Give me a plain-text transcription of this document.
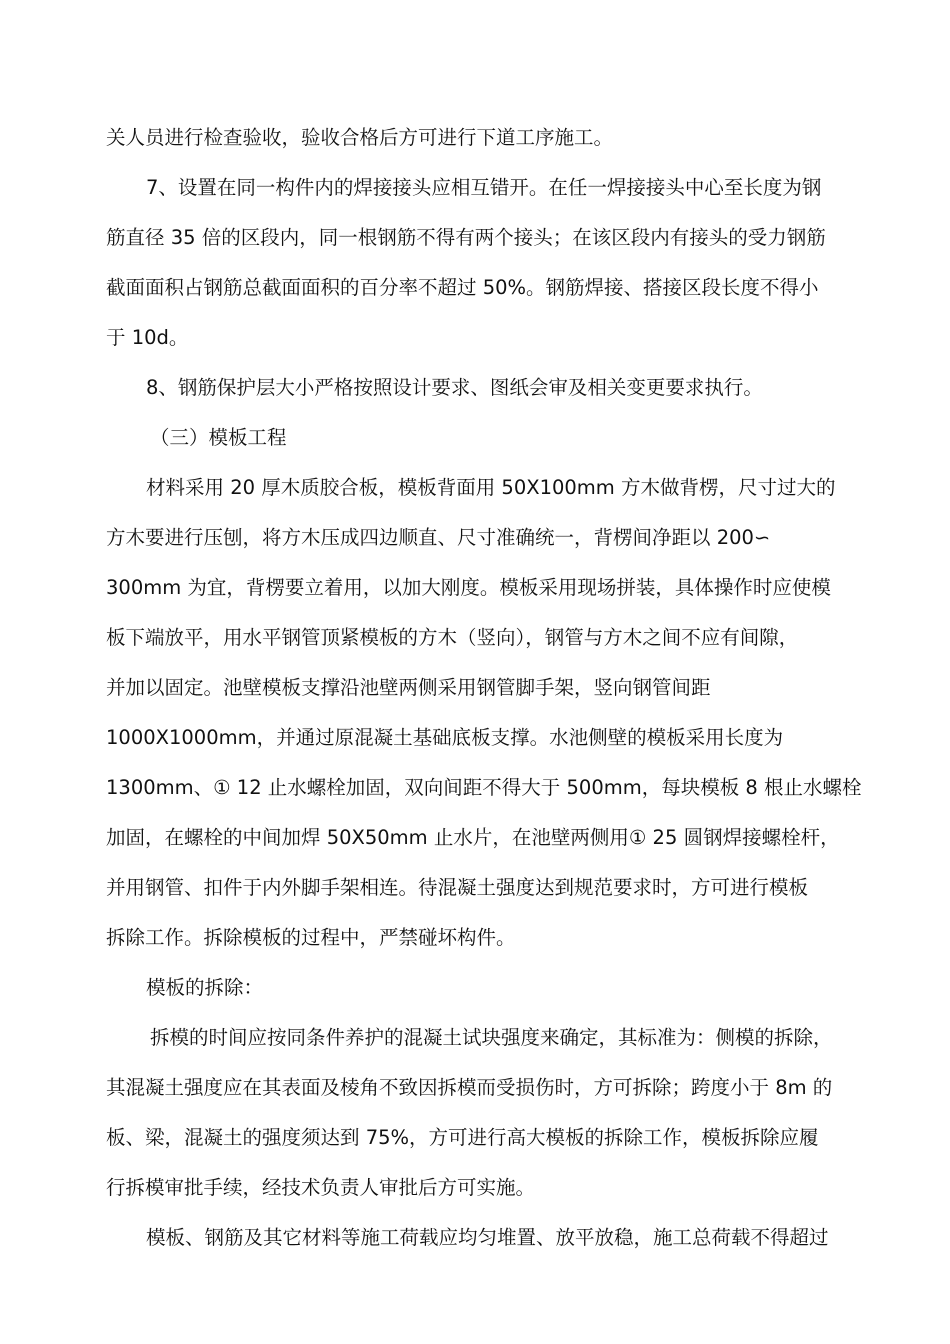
关人员进行检查验收，验收合格后方可进行下道工序施工。
7、设置在同一构件内的焊接接头应相互错开。在任一焊接接头中心至长度为钢
筋直径 35 倍的区段内，同一根钢筋不得有两个接头；在该区段内有接头的受力钢筋
截面面积占钢筋总截面面积的百分率不超过 50%。钢筋焊接、搭接区段长度不得小
于 10d。
8、钢筋保护层大小严格按照设计要求、图纸会审及相关变更要求执行。
（三）模板工程
材料采用 20 厚木质胶合板，模板背面用 50X100mm 方木做背楞，尺寸过大的
方木要进行压刨，将方木压成四边顺直、尺寸准确统一，背楞间净距以 200∽
300mm 为宜，背楞要立着用，以加大刚度。模板采用现场拼装，具体操作时应使模
板下端放平，用水平钢管顶紧模板的方木（竖向），钢管与方木之间不应有间隙，
并加以固定。池壁模板支撑沿池壁两侧采用钢管脚手架，竖向钢管间距
1000X1000mm，并通过原混凝土基础底板支撑。水池侧壁的模板采用长度为
1300mm、① 12 止水螺栓加固，双向间距不得大于 500mm，每块模板 8 根止水螺栓
加固，在螺栓的中间加焊 50X50mm 止水片，在池壁两侧用① 25 圆钢焊接螺栓杆，
并用钢管、扣件于内外脚手架相连。待混凝土强度达到规范要求时，方可进行模板
拆除工作。拆除模板的过程中，严禁碰坏构件。
模板的拆除：
拆模的时间应按同条件养护的混凝土试块强度来确定，其标准为：侧模的拆除，
其混凝土强度应在其表面及棱角不致因拆模而受损伤时，方可拆除；跨度小于 8m 的
板、梁，混凝土的强度须达到 75%，方可进行高大模板的拆除工作，模板拆除应履
行拆模审批手续，经技术负责人审批后方可实施。
模板、钢筋及其它材料等施工荷载应均匀堆置、放平放稳，施工总荷载不得超过
